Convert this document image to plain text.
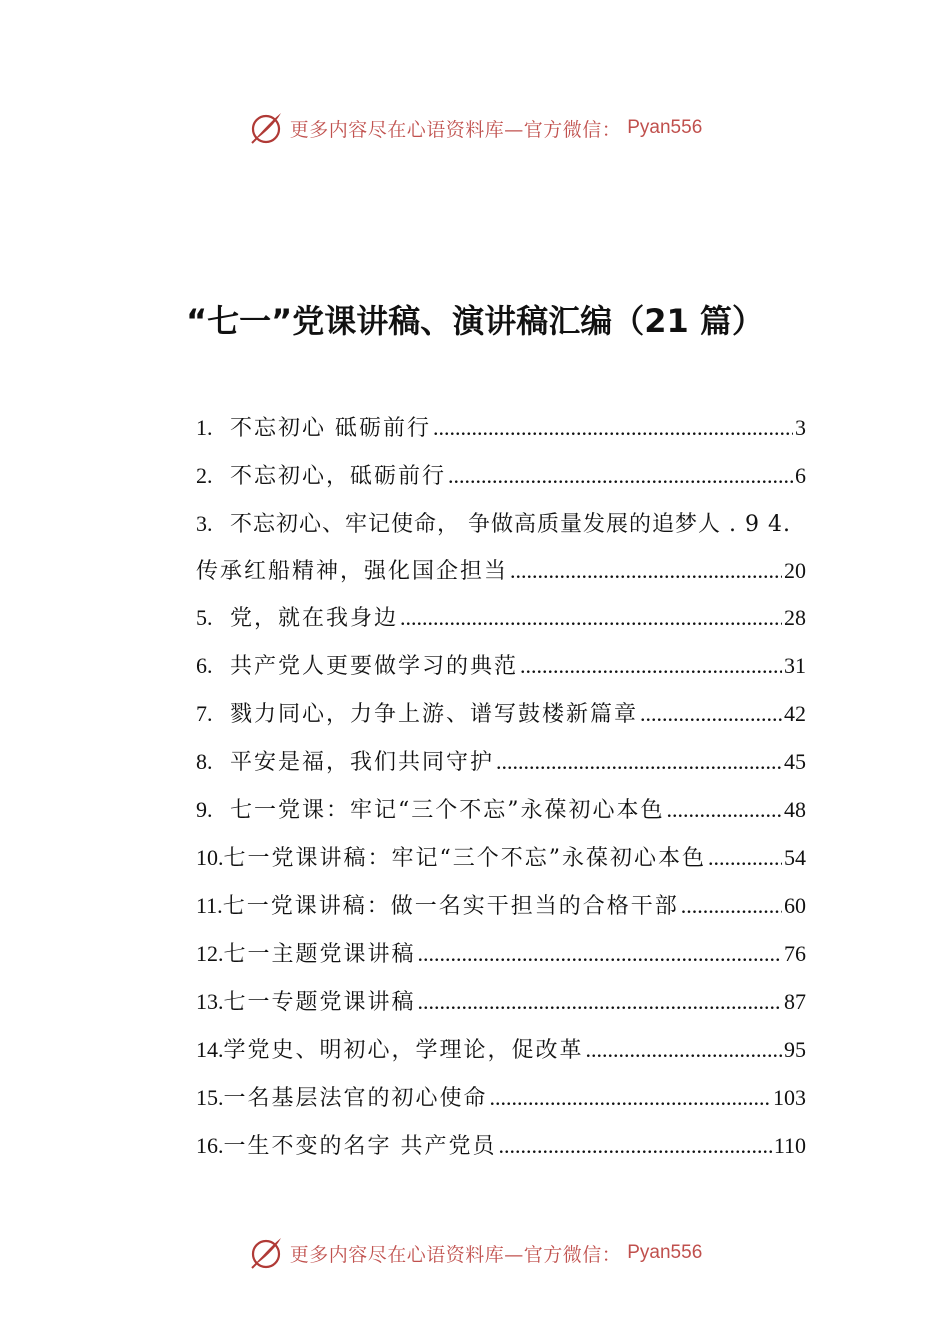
更多内容尽在心语资料库—官方微信： Pyan556
“七一”党课讲稿、演讲稿汇编（21 篇）
1. 不忘初心 砥砺前行 .....	3
2. 不忘初心，砥砺前行 .....	6
3. 不忘初心、牢记使命， 争做高质量发展的追梦人 . 9 4.
传承红船精神，强化国企担当 .....	20
5. 党，就在我身边 .....	28
6. 共产党人更要做学习的典范 .....	31
7. 戮力同心，力争上游、谱写鼓楼新篇章 .....	42
8. 平安是福，我们共同守护 .....	45
9. 七一党课：牢记“三个不忘”永葆初心本色 .....	48
10. 七一党课讲稿：牢记“三个不忘”永葆初心本色 .....	54
11. 七一党课讲稿：做一名实干担当的合格干部 .....	60
12. 七一主题党课讲稿 .....	76
13. 七一专题党课讲稿 .....	87
14. 学党史、明初心，学理论，促改革 .....	95
15. 一名基层法官的初心使命 .....	103
16. 一生不变的名字 共产党员 .....	110
更多内容尽在心语资料库—官方微信： Pyan556
